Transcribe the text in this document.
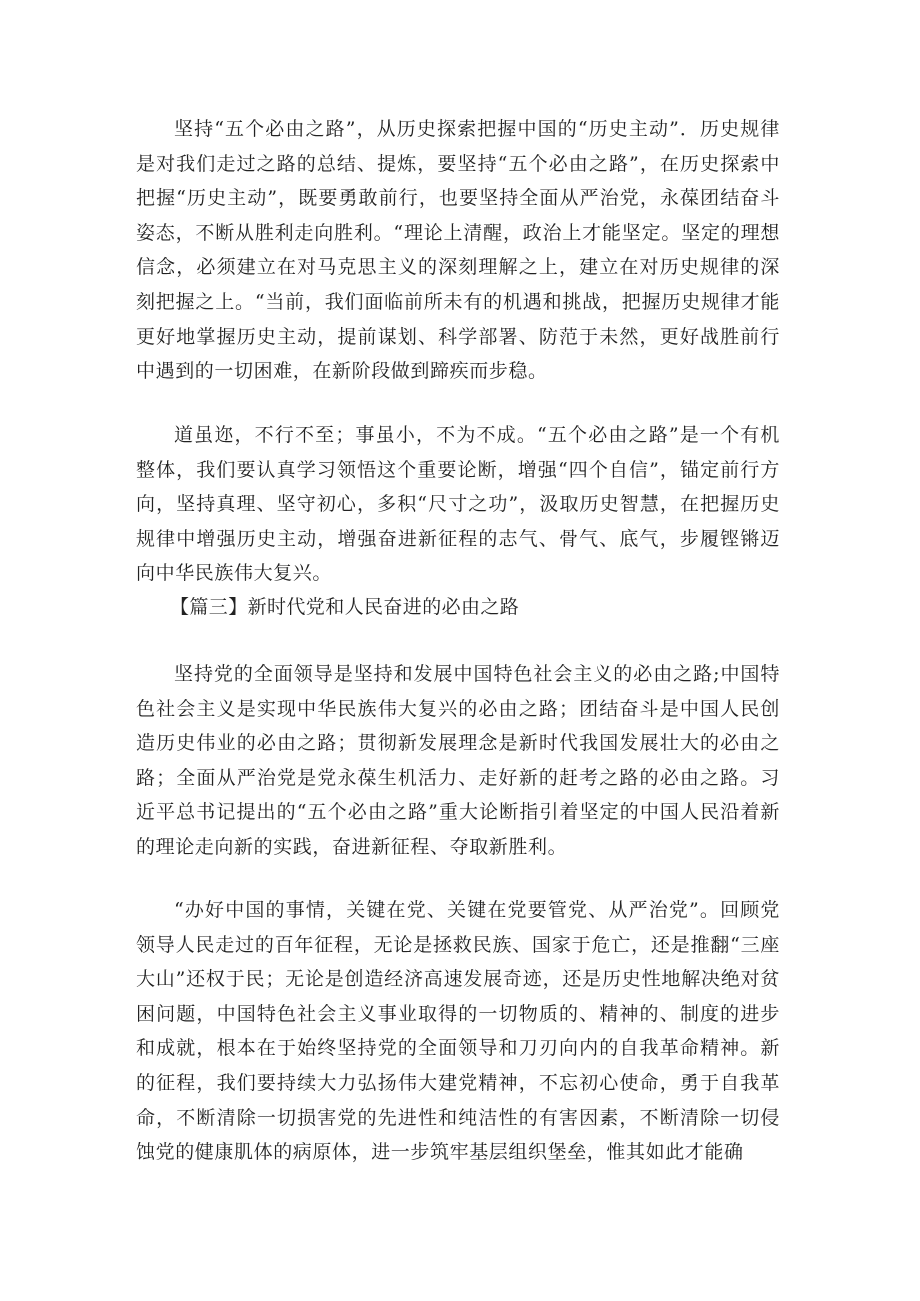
坚持“五个必由之路”，从历史探索把握中国的“历史主动”．历史规律是对我们走过之路的总结、提炼，要坚持“五个必由之路”，在历史探索中把握“历史主动”，既要勇敢前行，也要坚持全面从严治党，永葆团结奋斗姿态，不断从胜利走向胜利。“理论上清醒，政治上才能坚定。坚定的理想信念，必须建立在对马克思主义的深刻理解之上，建立在对历史规律的深刻把握之上。“当前，我们面临前所未有的机遇和挑战，把握历史规律才能更好地掌握历史主动，提前谋划、科学部署、防范于未然，更好战胜前行中遇到的一切困难，在新阶段做到蹄疾而步稳。

道虽迩，不行不至；事虽小，不为不成。“五个必由之路”是一个有机整体，我们要认真学习领悟这个重要论断，增强“四个自信”，锚定前行方向，坚持真理、坚守初心，多积“尺寸之功”，汲取历史智慧，在把握历史规律中增强历史主动，增强奋进新征程的志气、骨气、底气，步履铿锵迈向中华民族伟大复兴。

【篇三】新时代党和人民奋进的必由之路

坚持党的全面领导是坚持和发展中国特色社会主义的必由之路;中国特色社会主义是实现中华民族伟大复兴的必由之路；团结奋斗是中国人民创造历史伟业的必由之路；贯彻新发展理念是新时代我国发展壮大的必由之路；全面从严治党是党永葆生机活力、走好新的赶考之路的必由之路。习近平总书记提出的“五个必由之路”重大论断指引着坚定的中国人民沿着新的理论走向新的实践，奋进新征程、夺取新胜利。

“办好中国的事情，关键在党、关键在党要管党、从严治党”。回顾党领导人民走过的百年征程，无论是拯救民族、国家于危亡，还是推翻“三座大山”还权于民；无论是创造经济高速发展奇迹，还是历史性地解决绝对贫困问题，中国特色社会主义事业取得的一切物质的、精神的、制度的进步和成就，根本在于始终坚持党的全面领导和刀刃向内的自我革命精神。新的征程，我们要持续大力弘扬伟大建党精神，不忘初心使命，勇于自我革命，不断清除一切损害党的先进性和纯洁性的有害因素，不断清除一切侵蚀党的健康肌体的病原体，进一步筑牢基层组织堡垒，惟其如此才能确
